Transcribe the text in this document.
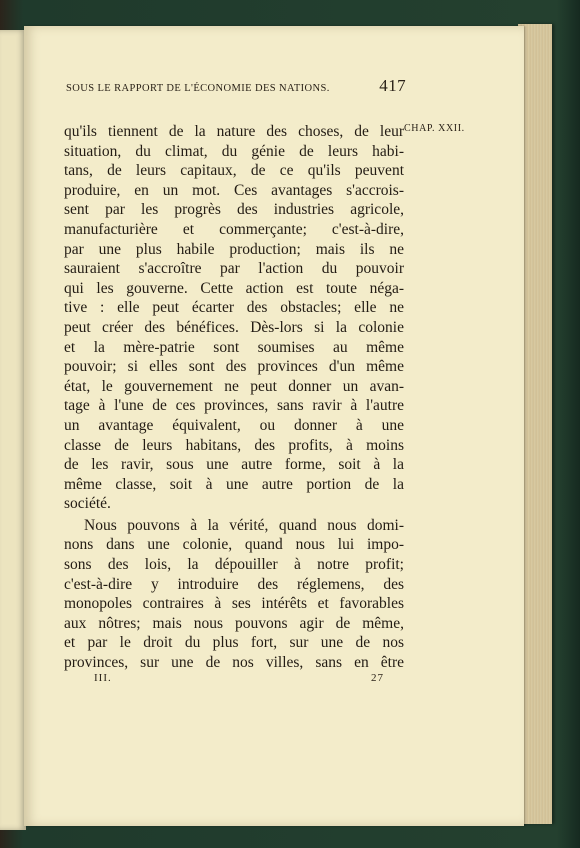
SOUS LE RAPPORT DE L'ÉCONOMIE DES NATIONS.	417
CHAP. XXII.

qu'ils tiennent de la nature des choses, de leur
situation, du climat, du génie de leurs habi-
tans, de leurs capitaux, de ce qu'ils peuvent
produire, en un mot. Ces avantages s'accrois-
sent par les progrès des industries agricole,
manufacturière et commerçante; c'est-à-dire,
par une plus habile production; mais ils ne
sauraient s'accroître par l'action du pouvoir
qui les gouverne. Cette action est toute néga-
tive : elle peut écarter des obstacles; elle ne
peut créer des bénéfices. Dès-lors si la colonie
et la mère-patrie sont soumises au même
pouvoir; si elles sont des provinces d'un même
état, le gouvernement ne peut donner un avan-
tage à l'une de ces provinces, sans ravir à l'autre
un avantage équivalent, ou donner à une
classe de leurs habitans, des profits, à moins
de les ravir, sous une autre forme, soit à la
même classe, soit à une autre portion de la
société.

Nous pouvons à la vérité, quand nous domi-
nons dans une colonie, quand nous lui impo-
sons des lois, la dépouiller à notre profit;
c'est-à-dire y introduire des réglemens, des
monopoles contraires à ses intérêts et favorables
aux nôtres; mais nous pouvons agir de même,
et par le droit du plus fort, sur une de nos
provinces, sur une de nos villes, sans en être

III.	27
